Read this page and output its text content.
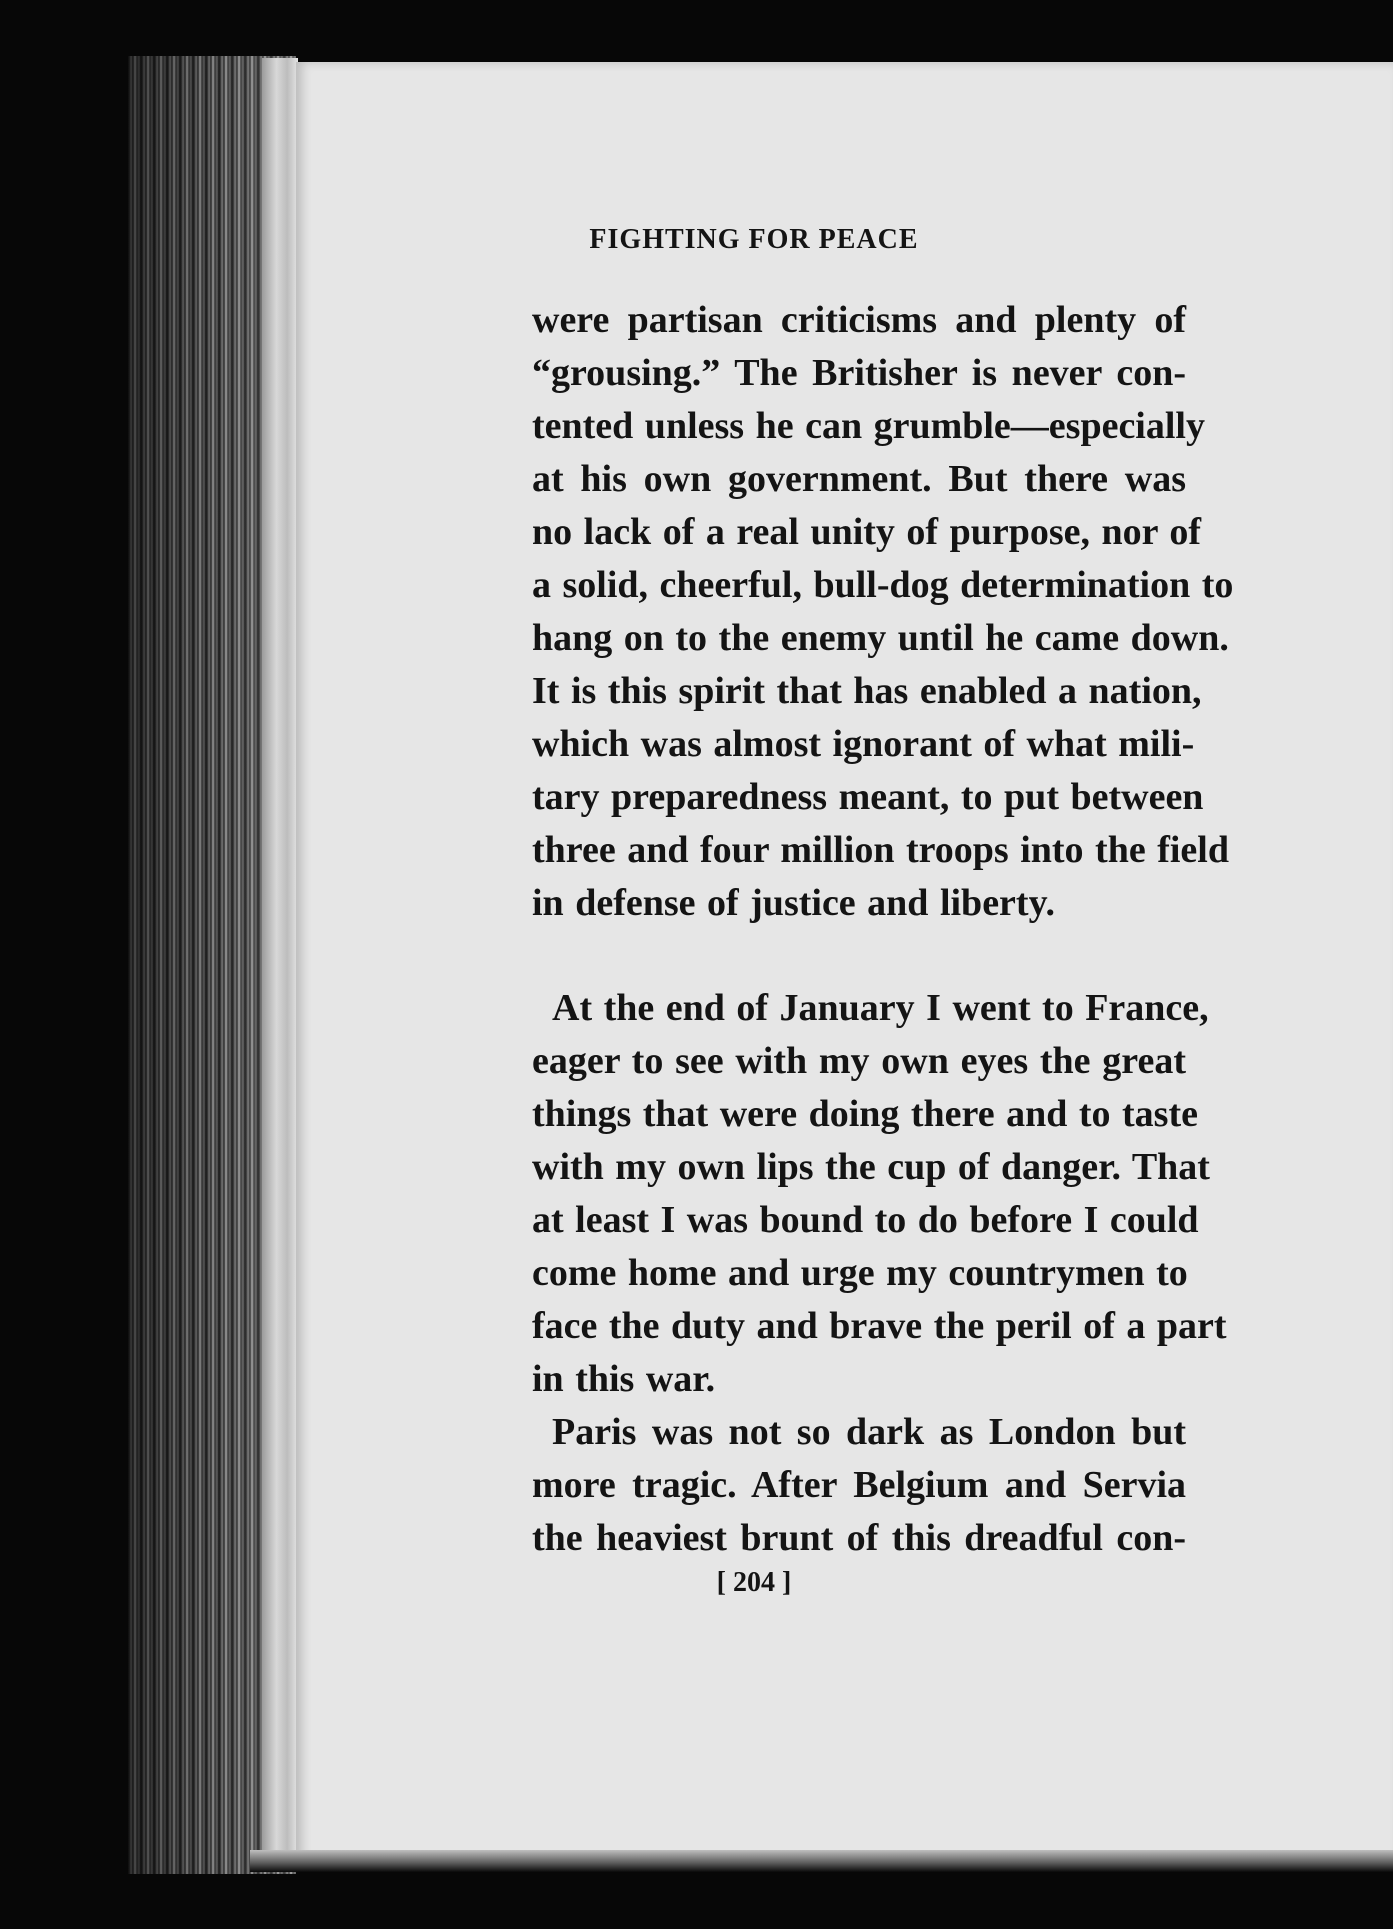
FIGHTING FOR PEACE
were partisan criticisms and plenty of
“grousing.” The Britisher is never con-
tented unless he can grumble—especially
at his own government. But there was
no lack of a real unity of purpose, nor of
a solid, cheerful, bull-dog determination to
hang on to the enemy until he came down.
It is this spirit that has enabled a nation,
which was almost ignorant of what mili-
tary preparedness meant, to put between
three and four million troops into the field
in defense of justice and liberty.
At the end of January I went to France,
eager to see with my own eyes the great
things that were doing there and to taste
with my own lips the cup of danger. That
at least I was bound to do before I could
come home and urge my countrymen to
face the duty and brave the peril of a part
in this war.
Paris was not so dark as London but
more tragic. After Belgium and Servia
the heaviest brunt of this dreadful con-
[ 204 ]
